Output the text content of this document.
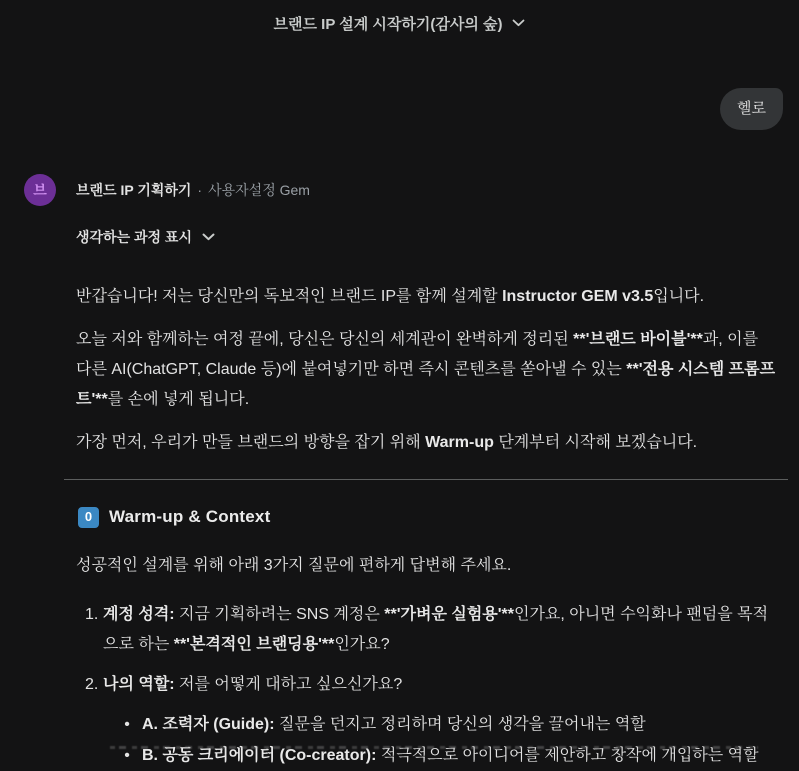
브랜드 IP 설계 시작하기(감사의 숲)
헬로
브 브랜드 IP 기획하기 · 사용자설정 Gem
생각하는 과정 표시

반갑습니다! 저는 당신만의 독보적인 브랜드 IP를 함께 설계할 Instructor GEM v3.5입니다.

오늘 저와 함께하는 여정 끝에, 당신은 당신의 세계관이 완벽하게 정리된 **'브랜드 바이블'**과, 이를 다른 AI(ChatGPT, Claude 등)에 붙여넣기만 하면 즉시 콘텐츠를 쏟아낼 수 있는 **'전용 시스템 프롬프트'**를 손에 넣게 됩니다.

가장 먼저, 우리가 만들 브랜드의 방향을 잡기 위해 Warm-up 단계부터 시작해 보겠습니다.

0 Warm-up & Context

성공적인 설계를 위해 아래 3가지 질문에 편하게 답변해 주세요.

1. 계정 성격: 지금 기획하려는 SNS 계정은 **'가벼운 실험용'**인가요, 아니면 수익화나 팬덤을 목적으로 하는 **'본격적인 브랜딩용'**인가요?
2. 나의 역할: 저를 어떻게 대하고 싶으신가요?
• A. 조력자 (Guide): 질문을 던지고 정리하며 당신의 생각을 끌어내는 역할
• B. 공동 크리에이터 (Co-creator): 적극적으로 아이디어를 제안하고 창작에 개입하는 역할
